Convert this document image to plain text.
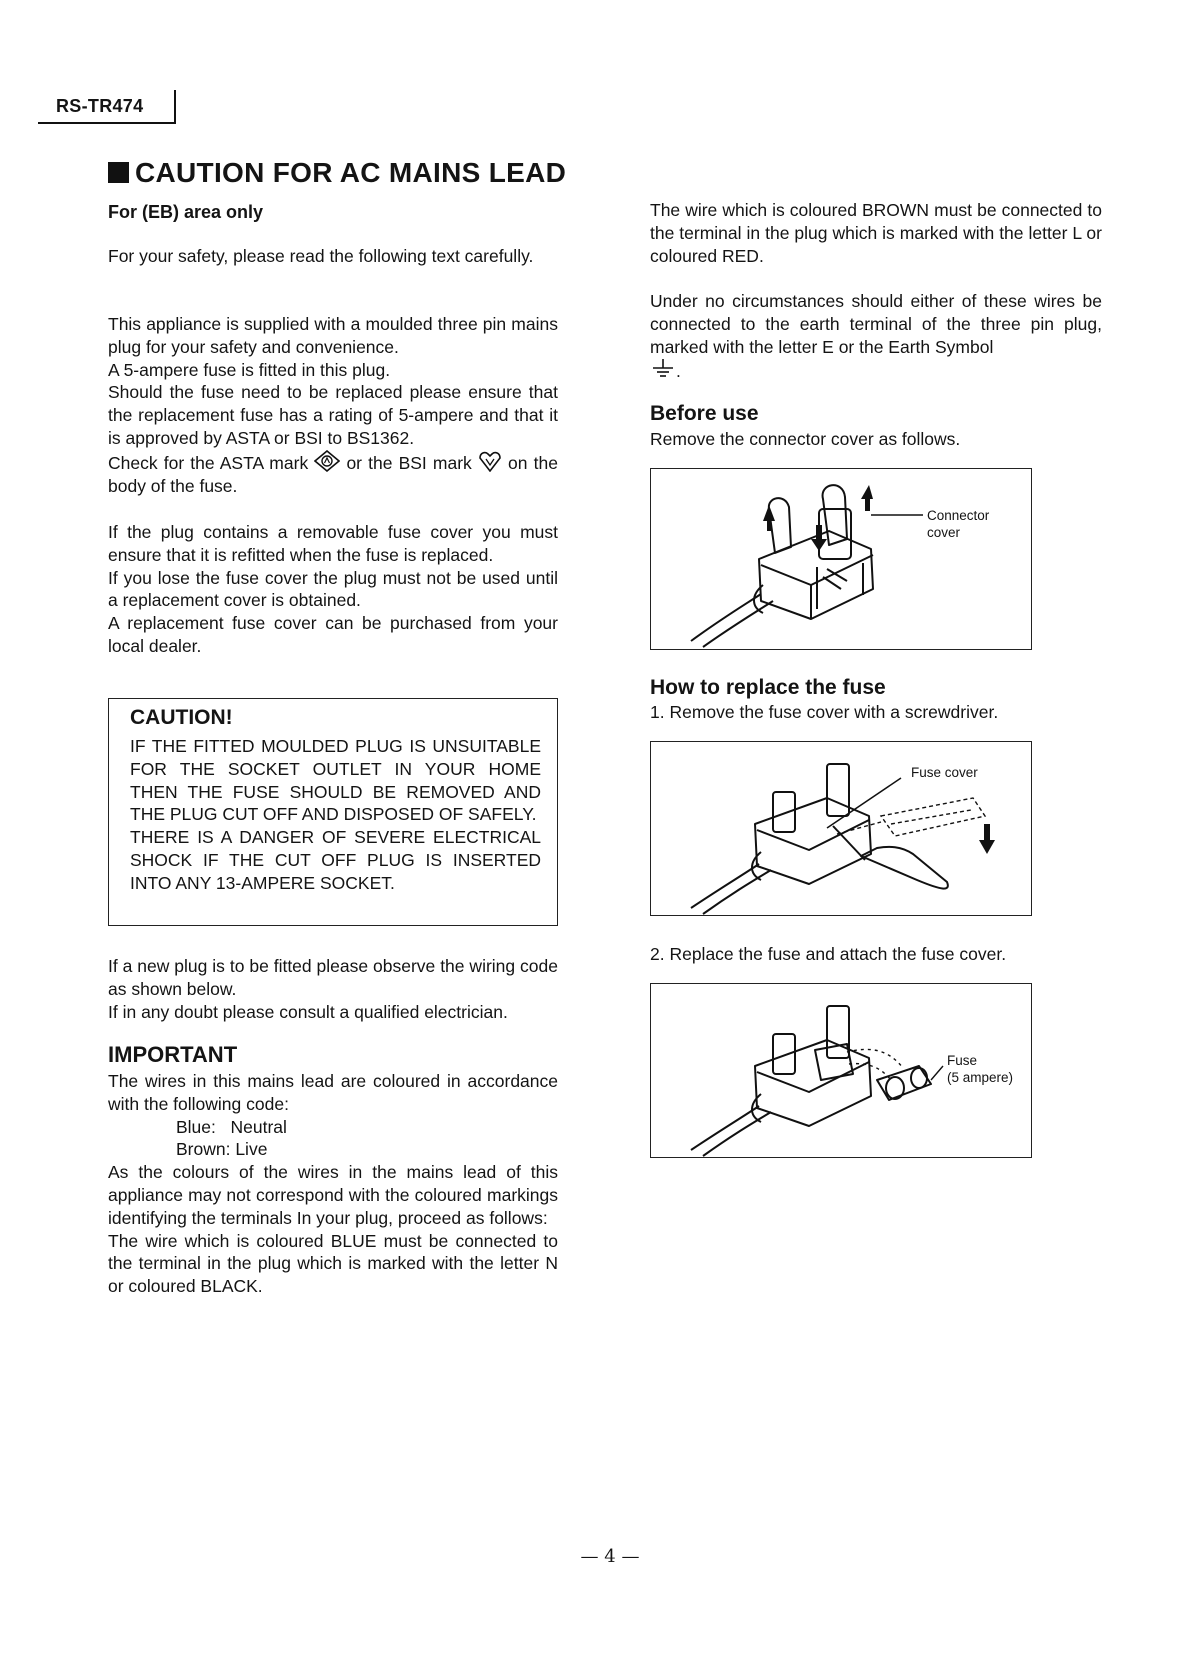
RS-TR474
CAUTION FOR AC MAINS LEAD
For (EB) area only

For your safety, please read the following text carefully.

This appliance is supplied with a moulded three pin mains plug for your safety and convenience.

A 5-ampere fuse is fitted in this plug.

Should the fuse need to be replaced please ensure that the replacement fuse has a rating of 5-ampere and that it is approved by ASTA or BSI to BS1362.

Check for the ASTA mark or the BSI mark on the body of the fuse.

If the plug contains a removable fuse cover you must ensure that it is refitted when the fuse is replaced.

If you lose the fuse cover the plug must not be used until a replacement cover is obtained.

A replacement fuse cover can be purchased from your local dealer.

CAUTION!

IF THE FITTED MOULDED PLUG IS UNSUITABLE FOR THE SOCKET OUTLET IN YOUR HOME THEN THE FUSE SHOULD BE REMOVED AND THE PLUG CUT OFF AND DISPOSED OF SAFELY.

THERE IS A DANGER OF SEVERE ELECTRICAL SHOCK IF THE CUT OFF PLUG IS INSERTED INTO ANY 13-AMPERE SOCKET.

If a new plug is to be fitted please observe the wiring code as shown below.

If in any doubt please consult a qualified electrician.

IMPORTANT

The wires in this mains lead are coloured in accordance with the following code:

Blue:   Neutral

Brown: Live

As the colours of the wires in the mains lead of this appliance may not correspond with the coloured markings identifying the terminals In your plug, proceed as follows:

The wire which is coloured BLUE must be connected to the terminal in the plug which is marked with the letter N or coloured BLACK.

The wire which is coloured BROWN must be connected to the terminal in the plug which is marked with the letter L or coloured RED.

Under no circumstances should either of these wires be connected to the earth terminal of the three pin plug, marked with the letter E or the Earth Symbol

.

Before use
Remove the connector cover as follows.
Connector cover
How to replace the fuse
1. Remove the fuse cover with a screwdriver.
Fuse cover
2. Replace the fuse and attach the fuse cover.
Fuse
(5 ampere)
— 4 —
